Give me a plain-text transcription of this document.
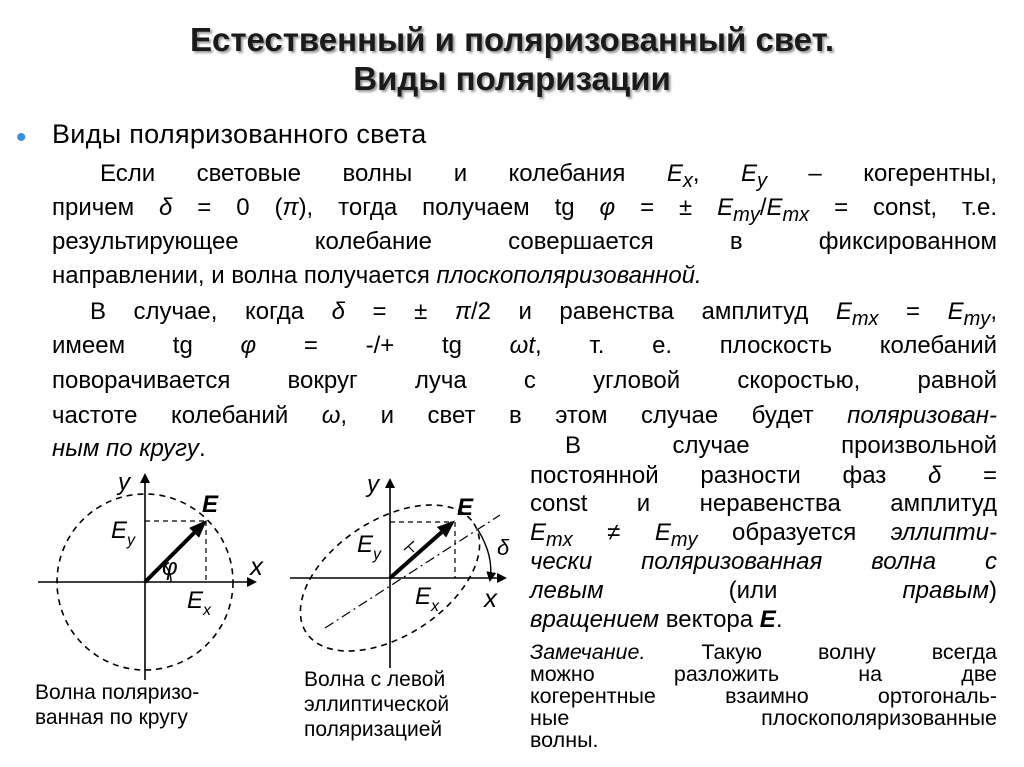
Естественный и поляризованный свет.
Виды поляризации
• Виды поляризованного света
Если световые волны и колебания $E_x$, $E_y$ – когерентны,
причем δ = 0 (π), тогда получаем tg φ = ± $E_{my}/E_{mx}$ = const, т.е.
результирующее колебание совершается в фиксированном
направлении, и волна получается плоскополяризованной.
В случае, когда δ = ± π/2 и равенства амплитуд $E_{mx} = E_{my}$,
имеем tg φ = -/+ tg ωt, т. е. плоскость колебаний
поворачивается вокруг луча с угловой скоростью, равной
частоте колебаний ω, и свет в этом случае будет поляризован-
ным по кругу.	В случае произвольной
постоянной разности фаз δ =
const и неравенства амплитуд
$E_{mx} \ne E_{my}$ образуется эллипти-
чески поляризованная волна с
левым	(или	правым)
вращением вектора E.
Замечание. Такую волну всегда
можно разложить на две
когерентные взаимно ортогональ-
ные плоскополяризованные
волны.
y
x
E
$E_y$
φ
$E_x$
Волна поляризо-
ванная по кругу
y
x
E
$E_y$	δ
$E_x$
Волна с левой
эллиптической
поляризацией
